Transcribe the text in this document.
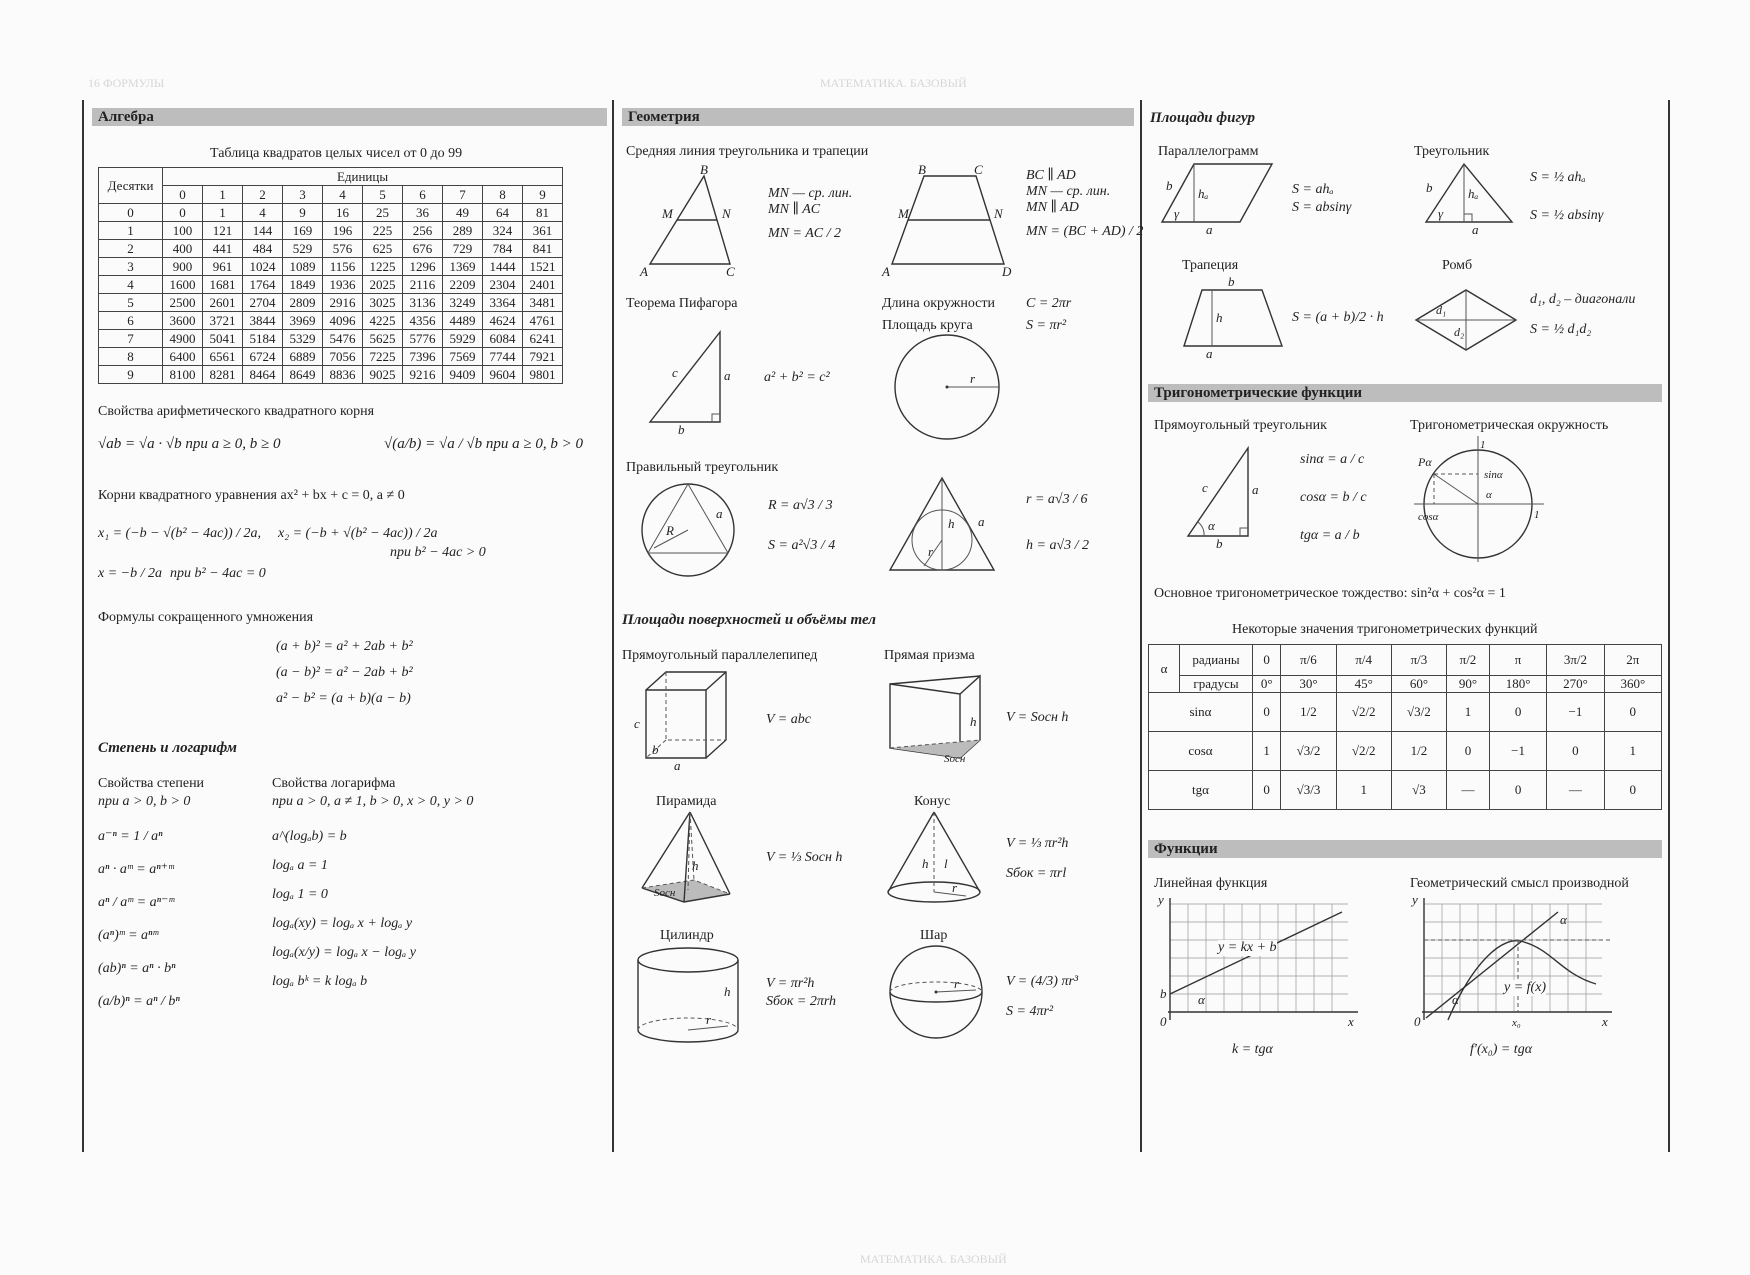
16 ФОРМУЛЫ	МАТЕМАТИКА. БАЗОВЫЙ
МАТЕМАТИКА. БАЗОВЫЙ
Алгебра
Таблица квадратов целых чисел от 0 до 99
Десятки	Единицы									
	0	1	2	3	4	5	6	7	8	9
0	0	1	4	9	16	25	36	49	64	81
1	100	121	144	169	196	225	256	289	324	361
2	400	441	484	529	576	625	676	729	784	841
3	900	961	1024	1089	1156	1225	1296	1369	1444	1521
4	1600	1681	1764	1849	1936	2025	2116	2209	2304	2401
5	2500	2601	2704	2809	2916	3025	3136	3249	3364	3481
6	3600	3721	3844	3969	4096	4225	4356	4489	4624	4761
7	4900	5041	5184	5329	5476	5625	5776	5929	6084	6241
8	6400	6561	6724	6889	7056	7225	7396	7569	7744	7921
9	8100	8281	8464	8649	8836	9025	9216	9409	9604	9801
Свойства арифметического квадратного корня
√ab = √a · √b при a ≥ 0, b ≥ 0	√(a/b) = √a / √b при a ≥ 0, b > 0
Корни квадратного уравнения ax² + bx + c = 0, a ≠ 0
x₁ = (−b − √(b² − 4ac)) / 2a, x₂ = (−b + √(b² − 4ac)) / 2a
при b² − 4ac > 0
x = −b / 2a при b² − 4ac = 0
Формулы сокращенного умножения
(a + b)² = a² + 2ab + b²
(a − b)² = a² − 2ab + b²
a² − b² = (a + b)(a − b)
Степень и логарифм
Свойства степени
при a > 0, b > 0
a⁻ⁿ = 1 / aⁿ
aⁿ · aᵐ = aⁿ⁺ᵐ
aⁿ / aᵐ = aⁿ⁻ᵐ
(aⁿ)ᵐ = aⁿᵐ
(ab)ⁿ = aⁿ · bⁿ
(a/b)ⁿ = aⁿ / bⁿ
Свойства логарифма
при a > 0, a ≠ 1, b > 0, x > 0, y > 0
a^(logₐb) = b
logₐ a = 1
logₐ 1 = 0
logₐ(xy) = logₐ x + logₐ y
logₐ(x/y) = logₐ x − logₐ y
logₐ bᵏ = k logₐ b
Геометрия
Средняя линия треугольника и трапеции
A
B
C
M	N
MN — ср. лин.
MN ∥ AC
MN = AC / 2
A
B	C
D
M	N
BC ∥ AD
MN — ср. лин.
MN ∥ AD
MN = (BC + AD) / 2
Теорема Пифагора
c	a
b
a² + b² = c²
Длина окружности C = 2πr
Площадь круга	S = πr²
r
Правильный треугольник
R
a
R = a√3 / 3
S = a²√3 / 4	r
h a
r = a√3 / 6
h = a√3 / 2
Площади поверхностей и объёмы тел
Прямоугольный параллелепипед
c
b
a
V = abc
Прямая призма
h
Sосн
V = Sосн h
Пирамида
h
Sосн
V = ⅓ Sосн h
Конус
h l
r
V = ⅓ πr²h
Sбок = πrl
Цилиндр
h
r
V = πr²h
Sбок = 2πrh
Шар
r	V = (4/3) πr³
S = 4πr²
Площади фигур
Параллелограмм
b
hₐ
γ
a
S = ahₐ
S = absinγ
Треугольник
b	hₐ
γ
a
S = ½ ahₐ
S = ½ absinγ
Трапеция
b
h
a
S = (a + b)/2 · h
Ромб
d₁
d₂
d₁, d₂ – диагонали
S = ½ d₁d₂
Тригонометрические функции
Прямоугольный треугольник
c	a
α
b
sinα = a / c
cosα = b / c
tgα = a / b
Тригонометрическая окружность
Pα
1
1
sinα
α
cosα
Основное тригонометрическое тождество: sin²α + cos²α = 1
Некоторые значения тригонометрических функций
α	радианы	0	π/6	π/4	π/3	π/2	π	3π/2	2π
	градусы	0°	30°	45°	60°	90°	180°	270°	360°
sinα		0	1/2	√2/2	√3/2	1	0	−1	0
cosα		1	√3/2	√2/2	1/2	0	−1	0	1
tgα		0	√3/3	1	√3	—	0	—	0
Функции
Линейная функция
y
x
0
b α
y = kx + b
k = tgα
Геометрический смысл производной
y
x
0	x₀
α
α
y = f(x)
f′(x₀) = tgα
